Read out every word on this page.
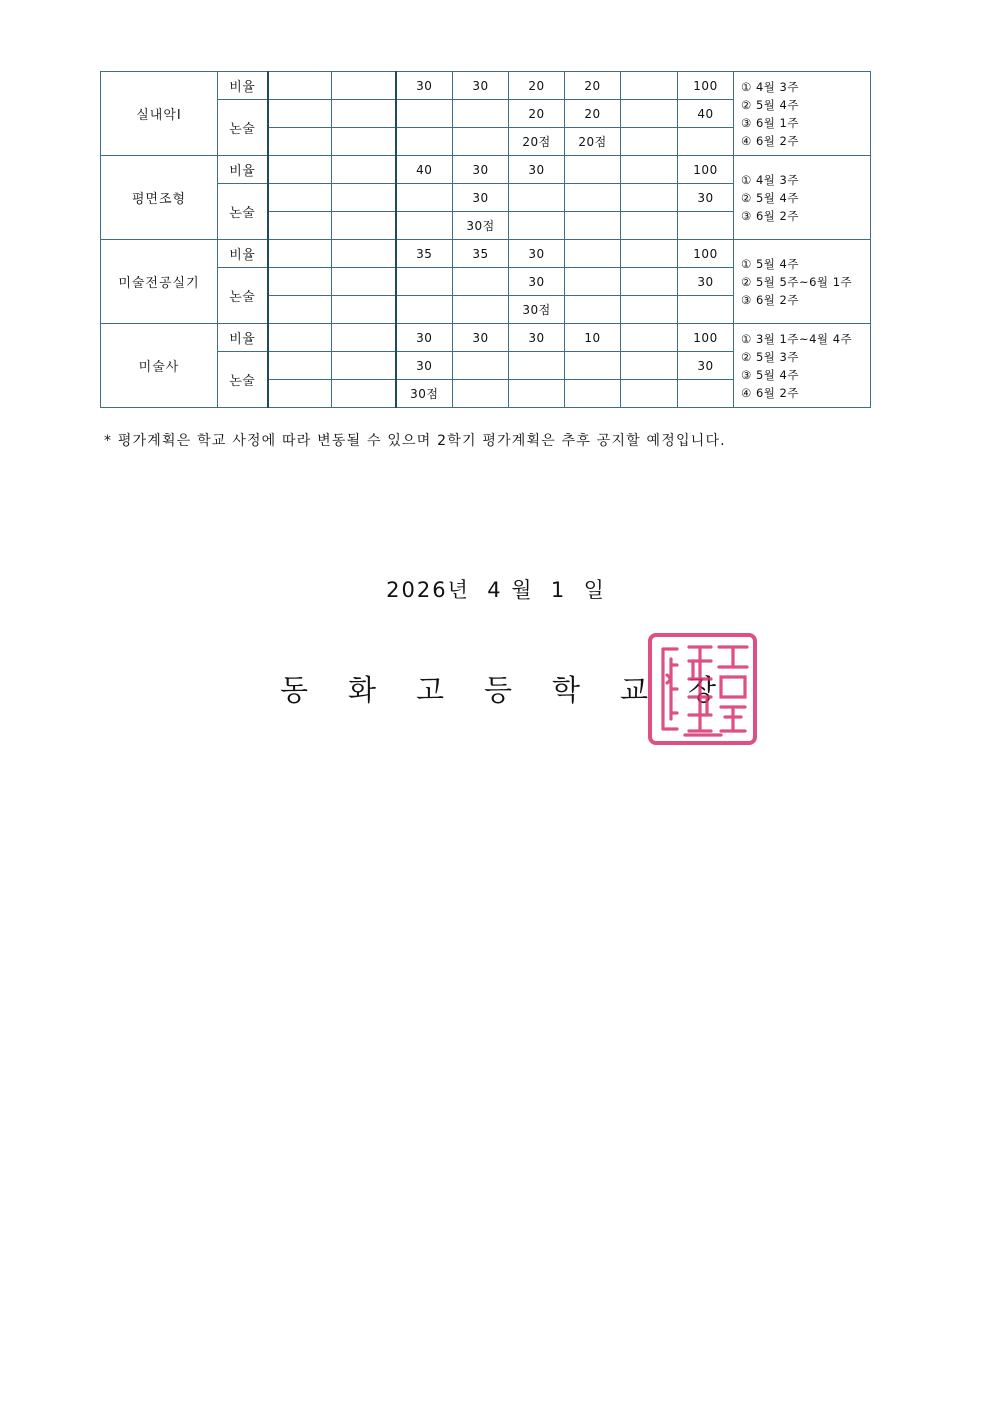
실내악Ⅰ	비율			30	30	20	20		100	① 4월 3주
② 5월 4주
③ 6월 1주
④ 6월 2주

	논술					20	20		40	
						20점	20점			
평면조형	비율			40	30	30			100	① 4월 3주
② 5월 4주
③ 6월 2주

	논술				30				30	
					30점					
미술전공실기	비율			35	35	30			100	① 5월 4주
② 5월 5주~6월 1주
③ 6월 2주

	논술					30			30	
						30점				
미술사	비율			30	30	30	10		100	① 3월 1주~4월 4주
② 5월 3주
③ 5월 4주
④ 6월 2주

	논술			30					30	
				30점						
* 평가계획은 학교 사정에 따라 변동될 수 있으며 2학기 평가계획은 추후 공지할 예정입니다.
2026년  4 월  1  일
동 화 고 등 학 교 장
